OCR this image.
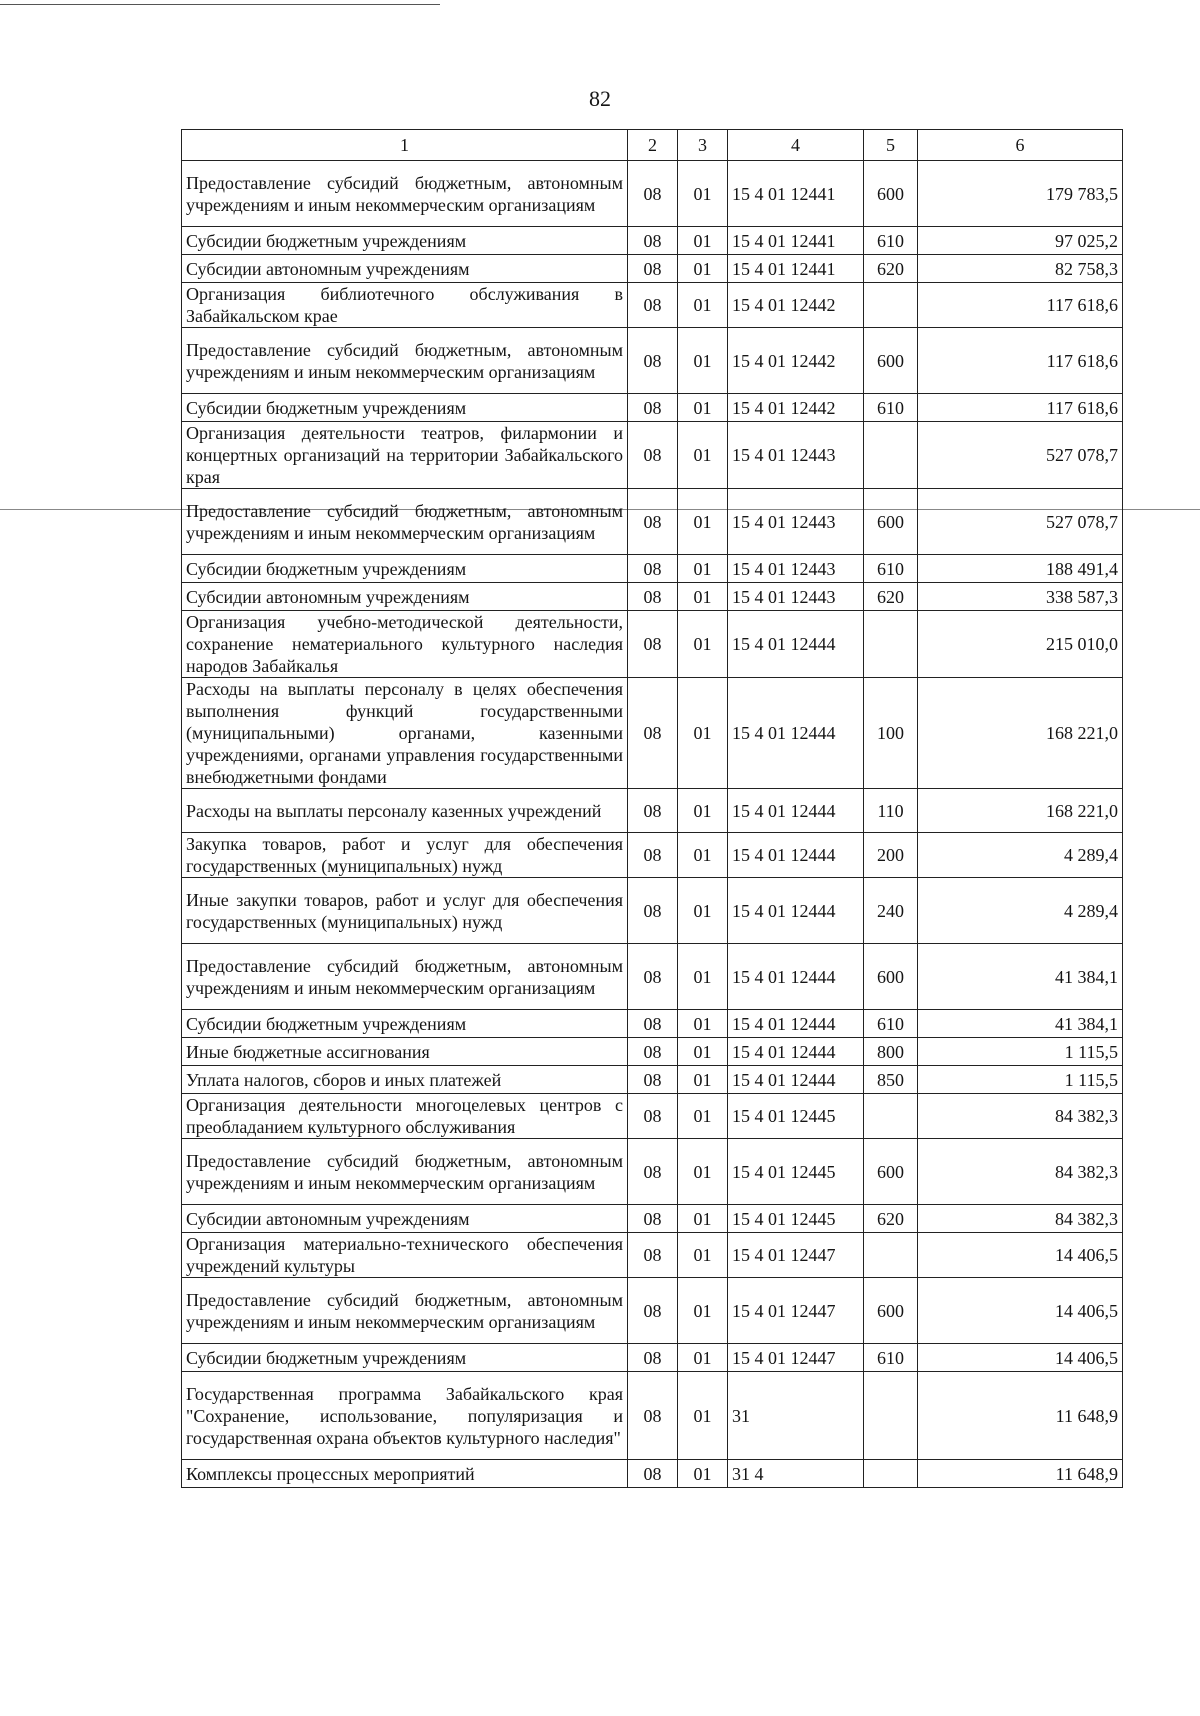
82
1	2	3	4	5	6
Предоставление субсидий бюджетным, автономным учреждениям и иным некоммерческим организациям	08	01	15 4 01 12441	600	179 783,5
Субсидии бюджетным учреждениям	08	01	15 4 01 12441	610	97 025,2
Субсидии автономным учреждениям	08	01	15 4 01 12441	620	82 758,3
Организация библиотечного обслуживания в Забайкальском крае	08	01	15 4 01 12442		117 618,6
Предоставление субсидий бюджетным, автономным учреждениям и иным некоммерческим организациям	08	01	15 4 01 12442	600	117 618,6
Субсидии бюджетным учреждениям	08	01	15 4 01 12442	610	117 618,6
Организация деятельности театров, филармонии и концертных организаций на территории Забайкальского края	08	01	15 4 01 12443		527 078,7
Предоставление субсидий бюджетным, автономным учреждениям и иным некоммерческим организациям	08	01	15 4 01 12443	600	527 078,7
Субсидии бюджетным учреждениям	08	01	15 4 01 12443	610	188 491,4
Субсидии автономным учреждениям	08	01	15 4 01 12443	620	338 587,3
Организация учебно-методической деятельности, сохранение нематериального культурного наследия народов Забайкалья	08	01	15 4 01 12444		215 010,0
Расходы на выплаты персоналу в целях обеспечения выполнения функций государственными (муниципальными) органами, казенными учреждениями, органами управления государственными внебюджетными фондами	08	01	15 4 01 12444	100	168 221,0
Расходы на выплаты персоналу казенных учреждений	08	01	15 4 01 12444	110	168 221,0
Закупка товаров, работ и услуг для обеспечения государственных (муниципальных) нужд	08	01	15 4 01 12444	200	4 289,4
Иные закупки товаров, работ и услуг для обеспечения государственных (муниципальных) нужд	08	01	15 4 01 12444	240	4 289,4
Предоставление субсидий бюджетным, автономным учреждениям и иным некоммерческим организациям	08	01	15 4 01 12444	600	41 384,1
Субсидии бюджетным учреждениям	08	01	15 4 01 12444	610	41 384,1
Иные бюджетные ассигнования	08	01	15 4 01 12444	800	1 115,5
Уплата налогов, сборов и иных платежей	08	01	15 4 01 12444	850	1 115,5
Организация деятельности многоцелевых центров с преобладанием культурного обслуживания	08	01	15 4 01 12445		84 382,3
Предоставление субсидий бюджетным, автономным учреждениям и иным некоммерческим организациям	08	01	15 4 01 12445	600	84 382,3
Субсидии автономным учреждениям	08	01	15 4 01 12445	620	84 382,3
Организация материально-технического обеспечения учреждений культуры	08	01	15 4 01 12447		14 406,5
Предоставление субсидий бюджетным, автономным учреждениям и иным некоммерческим организациям	08	01	15 4 01 12447	600	14 406,5
Субсидии бюджетным учреждениям	08	01	15 4 01 12447	610	14 406,5
Государственная программа Забайкальского края "Сохранение, использование, популяризация и государственная охрана объектов культурного наследия"	08	01	31		11 648,9
Комплексы процессных мероприятий	08	01	31 4		11 648,9
